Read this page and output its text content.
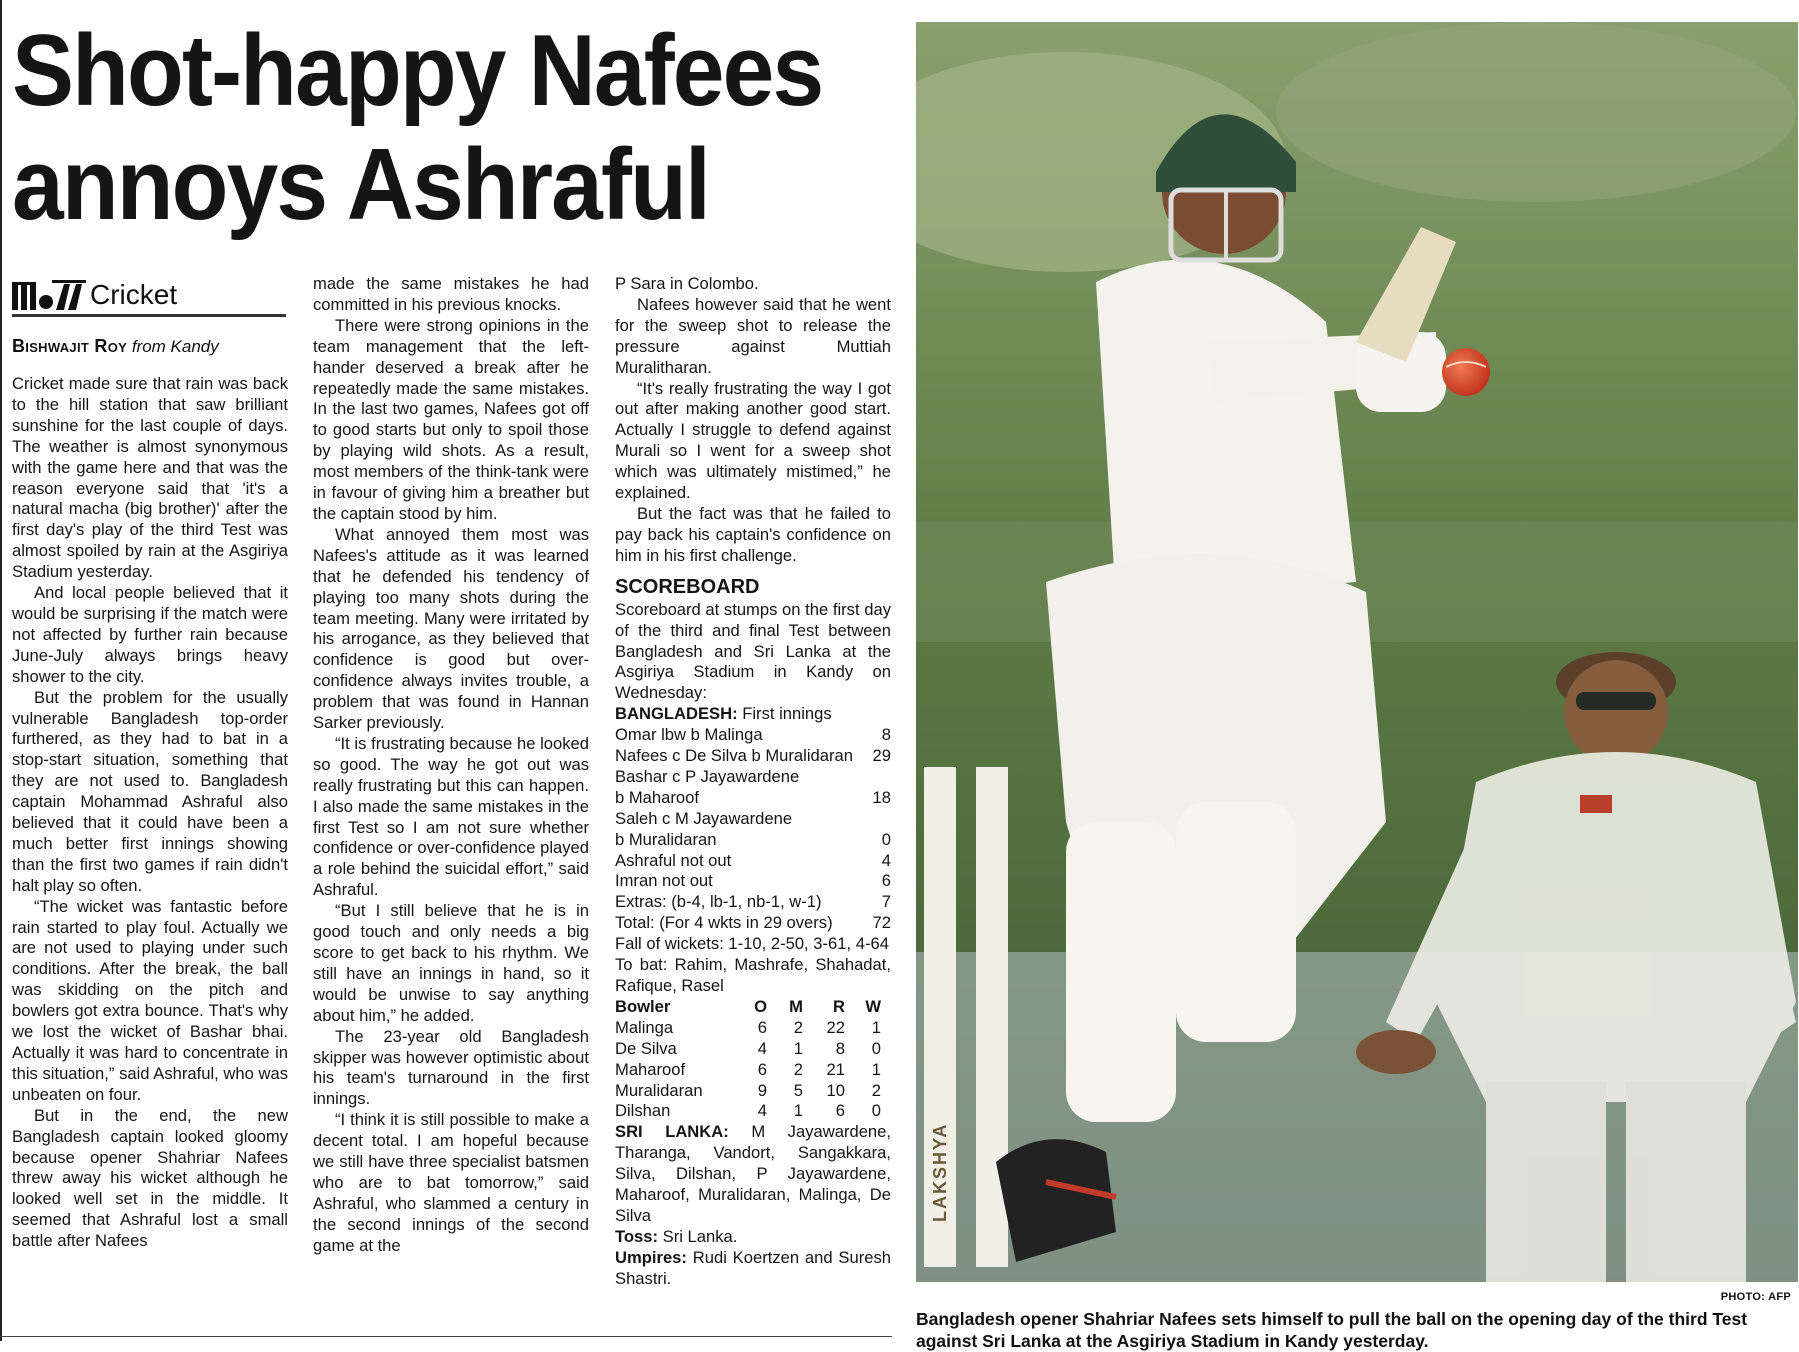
Shot-happy Nafees annoys Ashraful
Cricket
Bishwajit Roy from Kandy

Cricket made sure that rain was back to the hill station that saw brilliant sunshine for the last couple of days. The weather is almost synonymous with the game here and that was the reason everyone said that 'it's a natural macha (big brother)' after the first day's play of the third Test was almost spoiled by rain at the Asgiriya Stadium yesterday.

And local people believed that it would be surprising if the match were not affected by further rain because June-July always brings heavy shower to the city.

But the problem for the usually vulnerable Bangladesh top-order furthered, as they had to bat in a stop-start situation, something that they are not used to. Bangladesh captain Mohammad Ashraful also believed that it could have been a much better first innings showing than the first two games if rain didn't halt play so often.

“The wicket was fantastic before rain started to play foul. Actually we are not used to playing under such conditions. After the break, the ball was skidding on the pitch and bowlers got extra bounce. That's why we lost the wicket of Bashar bhai. Actually it was hard to concentrate in this situation,” said Ashraful, who was unbeaten on four.

But in the end, the new Bangladesh captain looked gloomy because opener Shahriar Nafees threw away his wicket although he looked well set in the middle. It seemed that Ashraful lost a small battle after Nafees

made the same mistakes he had committed in his previous knocks.

There were strong opinions in the team management that the left-hander deserved a break after he repeatedly made the same mistakes. In the last two games, Nafees got off to good starts but only to spoil those by playing wild shots. As a result, most members of the think-tank were in favour of giving him a breather but the captain stood by him.

What annoyed them most was Nafees's attitude as it was learned that he defended his tendency of playing too many shots during the team meeting. Many were irritated by his arrogance, as they believed that confidence is good but over-confidence always invites trouble, a problem that was found in Hannan Sarker previously.

“It is frustrating because he looked so good. The way he got out was really frustrating but this can happen. I also made the same mistakes in the first Test so I am not sure whether confidence or over-confidence played a role behind the suicidal effort,” said Ashraful.

“But I still believe that he is in good touch and only needs a big score to get back to his rhythm. We still have an innings in hand, so it would be unwise to say anything about him,” he added.

The 23-year old Bangladesh skipper was however optimistic about his team's turnaround in the first innings.

“I think it is still possible to make a decent total. I am hopeful because we still have three specialist batsmen who are to bat tomorrow,” said Ashraful, who slammed a century in the second innings of the second game at the

P Sara in Colombo.

Nafees however said that he went for the sweep shot to release the pressure against Muttiah Muralitharan.

“It's really frustrating the way I got out after making another good start. Actually I struggle to defend against Murali so I went for a sweep shot which was ultimately mistimed,” he explained.

But the fact was that he failed to pay back his captain's confidence on him in his first challenge.

SCOREBOARD

Scoreboard at stumps on the first day of the third and final Test between Bangladesh and Sri Lanka at the Asgiriya Stadium in Kandy on Wednesday:

BANGLADESH: First innings
Omar lbw b Malinga	8
Nafees c De Silva b Muralidaran 29
Bashar c P Jayawardene
b Maharoof	18
Saleh c M Jayawardene
b Muralidaran	0
Ashraful not out	4
Imran not out	6
Extras: (b-4, lb-1, nb-1, w-1)	7
Total: (For 4 wkts in 29 overs) 72

Fall of wickets: 1-10, 2-50, 3-61, 4-64

To bat: Rahim, Mashrafe, Shahadat, Rafique, Rasel

Bowler	O	M	R	W
Malinga	6	2	22	1
De Silva	4	1	8	0
Maharoof	6	2	21	1
Muralidaran	9	5	10	2
Dilshan	4	1	6	0

SRI LANKA: M Jayawardene, Tharanga, Vandort, Sangakkara, Silva, Dilshan, P Jayawardene, Maharoof, Muralidaran, Malinga, De Silva

Toss: Sri Lanka.

Umpires: Rudi Koertzen and Suresh Shastri.

LAKSHYA
PHOTO: AFP
Bangladesh opener Shahriar Nafees sets himself to pull the ball on the opening day of the third Test against Sri Lanka at the Asgiriya Stadium in Kandy yesterday.
